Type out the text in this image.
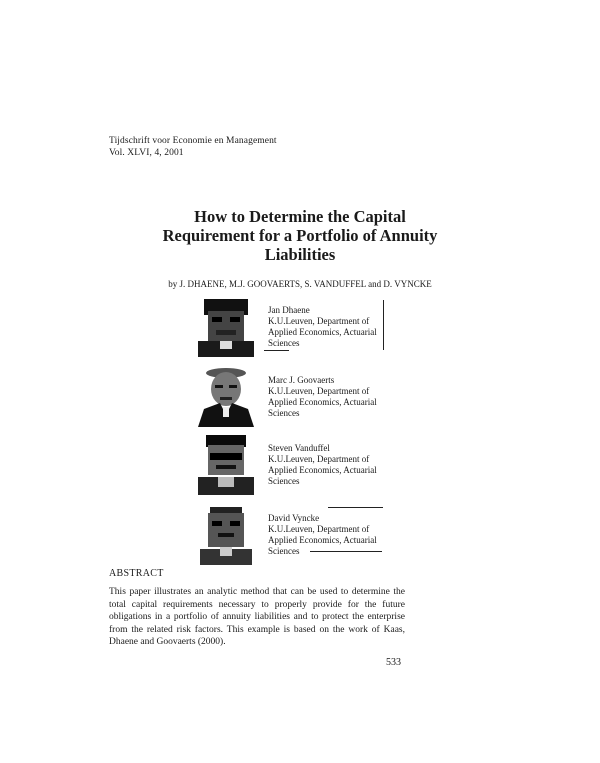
Tijdschrift voor Economie en Management
Vol. XLVI, 4, 2001
How to Determine the Capital
Requirement for a Portfolio of Annuity
Liabilities
by J. DHAENE, M.J. GOOVAERTS, S. VANDUFFEL and D. VYNCKE
Jan Dhaene
K.U.Leuven, Department of
Applied Economics, Actuarial
Sciences
Marc J. Goovaerts
K.U.Leuven, Department of
Applied Economics, Actuarial
Sciences
Steven Vanduffel
K.U.Leuven, Department of
Applied Economics, Actuarial
Sciences
David Vyncke
K.U.Leuven, Department of
Applied Economics, Actuarial
Sciences
ABSTRACT
This paper illustrates an analytic method that can be used to determine the total capital requirements necessary to properly provide for the future obligations in a portfolio of annuity liabilities and to protect the enterprise from the related risk factors. This example is based on the work of Kaas, Dhaene and Goovaerts (2000).
533
